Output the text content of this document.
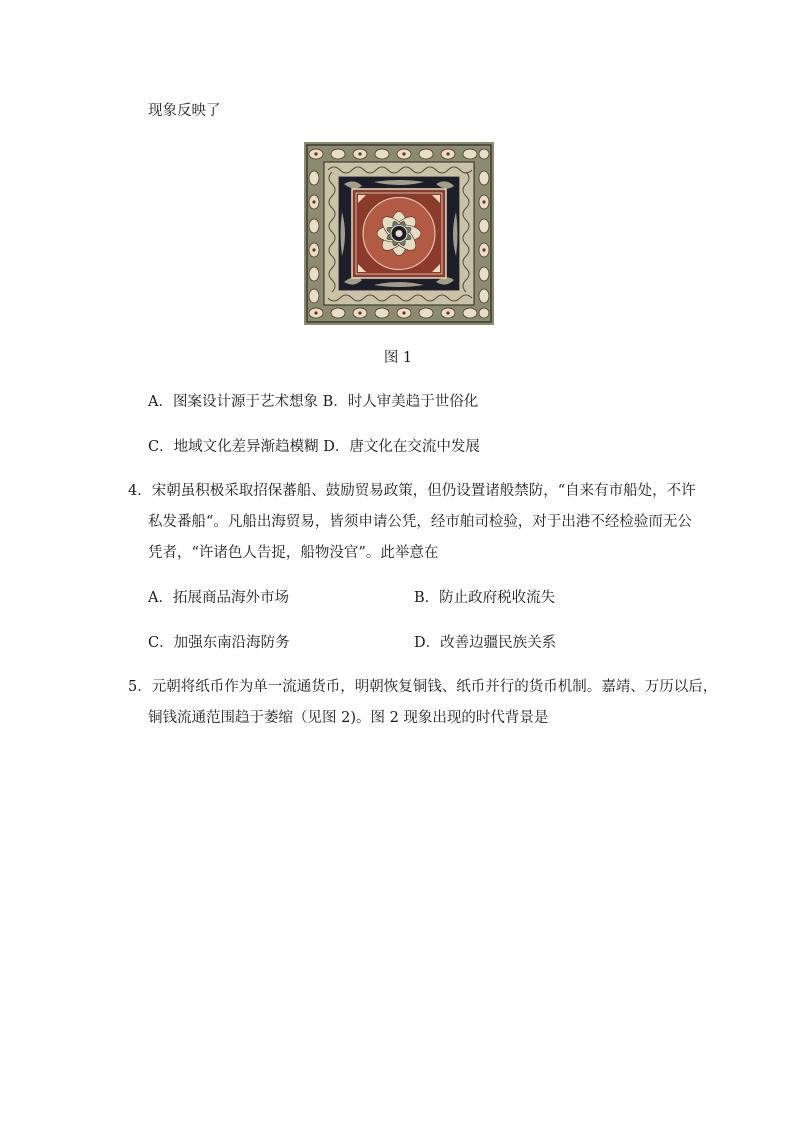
现象反映了
图 1
A．图案设计源于艺术想象 B．时人审美趋于世俗化
C．地域文化差异渐趋模糊 D．唐文化在交流中发展
4．宋朝虽积极采取招保蕃船、鼓励贸易政策，但仍设置诸般禁防，“自来有市船处，不许
私发番船“。凡船出海贸易，皆须申请公凭，经市舶司检验，对于出港不经检验而无公
凭者，“许诸色人告捉，船物没官”。此举意在
A．拓展商品海外市场	B．防止政府税收流失
C．加强东南沿海防务	D．改善边疆民族关系
5．元朝将纸币作为单一流通货币，明朝恢复铜钱、纸币并行的货币机制。嘉靖、万历以后，
铜钱流通范围趋于萎缩（见图 2)。图 2 现象出现的时代背景是
